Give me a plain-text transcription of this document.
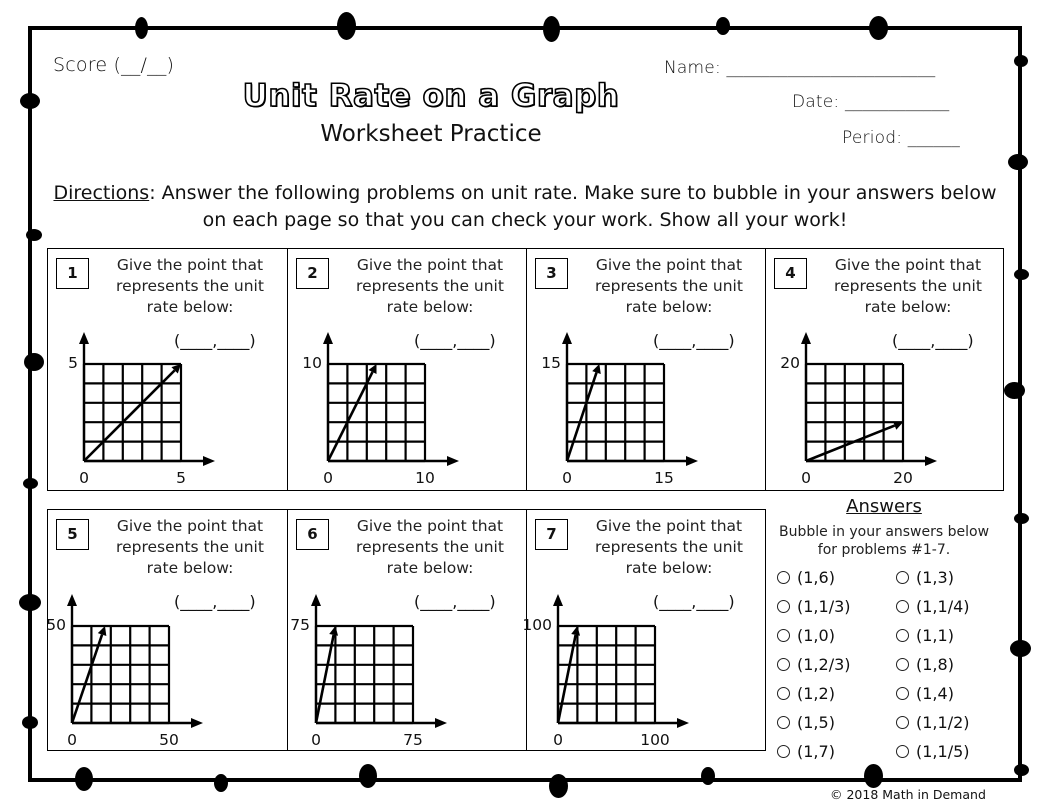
Score (__/__)
Unit Rate on a Graph
Worksheet Practice
Name: ________________________
Date: ____________
Period: ______
Directions: Answer the following problems on unit rate. Make sure to bubble in your answers below on each page so that you can check your work. Show all your work!
1	Give the point that represents the unit rate below:
(____,____)
0	5
5
2	Give the point that represents the unit rate below:
(____,____)
0	10
10
3	Give the point that represents the unit rate below:
(____,____)
0	15
15
4	Give the point that represents the unit rate below:
(____,____)
0	20
20
5	Give the point that represents the unit rate below:
(____,____)
0	50
50
6	Give the point that represents the unit rate below:
(____,____)
0	75
75
7	Give the point that represents the unit rate below:
(____,____)
0	100
100
Answers
Bubble in your answers below for problems #1-7.
(1,6)
(1,1/3)
(1,0)
(1,2/3)
(1,2)
(1,5)
(1,7)
(1,3)
(1,1/4)
(1,1)
(1,8)
(1,4)
(1,1/2)
(1,1/5)
© 2018 Math in Demand
